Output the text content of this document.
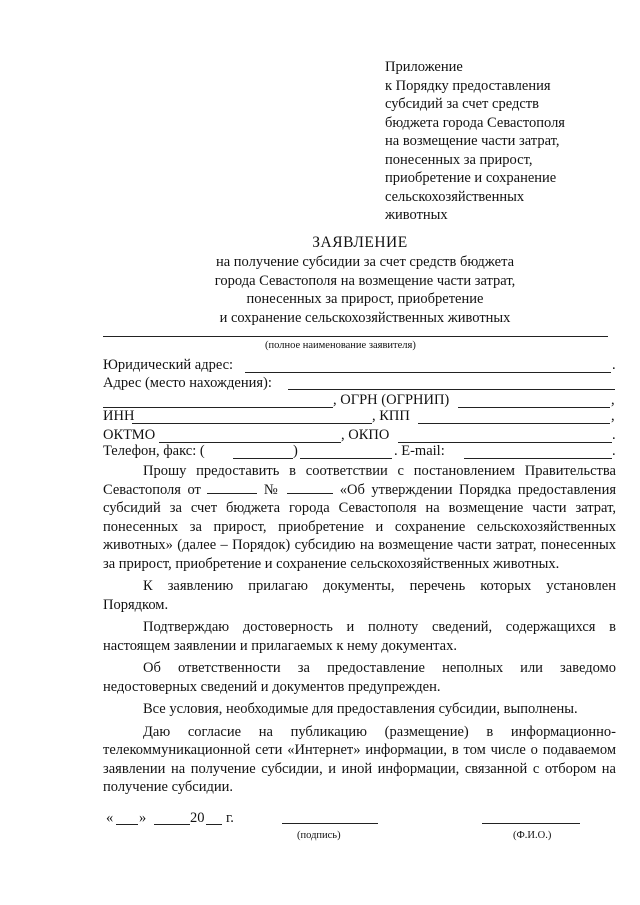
Приложение
к Порядку предоставления
субсидий за счет средств
бюджета города Севастополя
на возмещение части затрат,
понесенных за прирост,
приобретение и сохранение
сельскохозяйственных
животных
ЗАЯВЛЕНИЕ
на получение субсидии за счет средств бюджета
города Севастополя на возмещение части затрат,
понесенных за прирост, приобретение
и сохранение сельскохозяйственных животных
(полное наименование заявителя)
Юридический адрес:	.
Адрес (место нахождения):
, ОГРН (ОГРНИП)	,
ИНН	, КПП	,
ОКТМО	, ОКПО	.
Телефон, факс: (	)	. E-mail:	.

Прошу предоставить в соответствии с постановлением Правительства Севастополя от	№	«Об утверждении Порядка предоставления субсидий за счет бюджета города Севастополя на возмещение части затрат, понесенных за прирост, приобретение и сохранение сельскохозяйственных животных» (далее – Порядок) субсидию на возмещение части затрат, понесенных за прирост, приобретение и сохранение сельскохозяйственных животных.

К заявлению прилагаю документы, перечень которых установлен Порядком.

Подтверждаю достоверность и полноту сведений, содержащихся в настоящем заявлении и прилагаемых к нему документах.

Об ответственности за предоставление неполных или заведомо недостоверных сведений и документов предупрежден.

Все условия, необходимые для предоставления субсидии, выполнены.

Даю согласие на публикацию (размещение) в информационно-телекоммуникационной сети «Интернет» информации, в том числе о подаваемом заявлении на получение субсидии, и иной информации, связанной с отбором на получение субсидии.

« »	20 г.
(подпись)	(Ф.И.О.)
